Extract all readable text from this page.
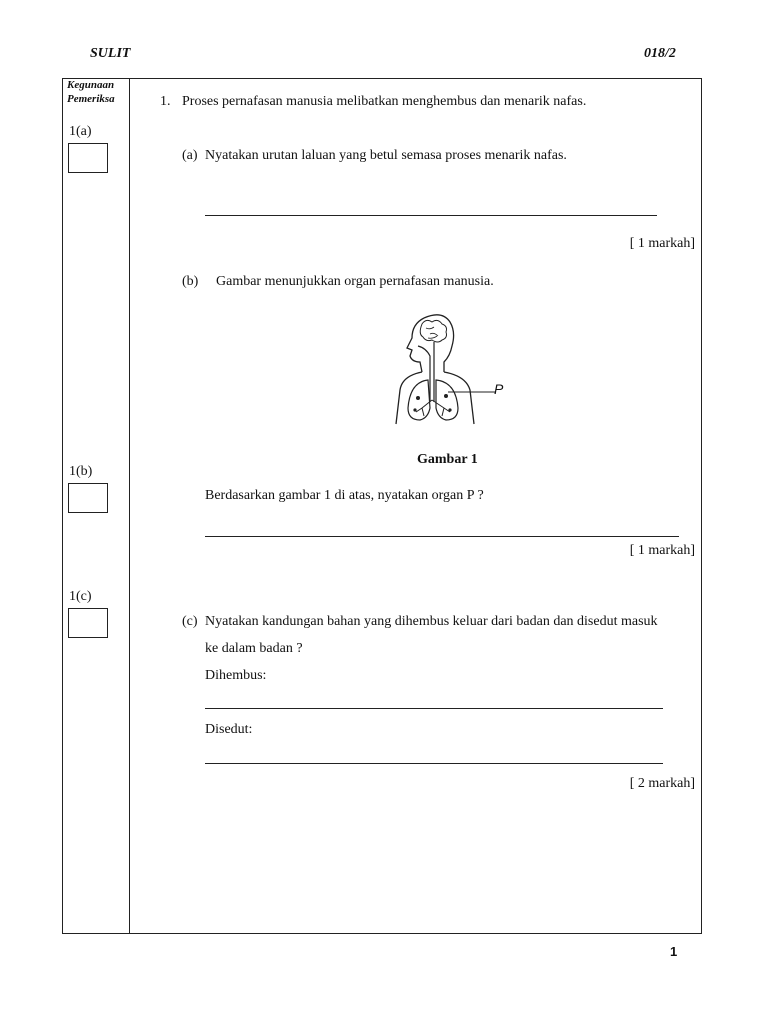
SULIT	018/2
Kegunaan
Pemeriksa
1(a)
1(b)
1(c)
1. Proses pernafasan manusia melibatkan menghembus dan menarik nafas.
(a) Nyatakan urutan laluan yang betul semasa proses menarik nafas.
[ 1 markah]
(b) Gambar menunjukkan organ pernafasan manusia.
P
Gambar 1
Berdasarkan gambar 1 di atas, nyatakan organ P ?
[ 1 markah]
(c) Nyatakan kandungan bahan yang dihembus keluar dari badan dan disedut masuk
ke dalam badan ?
Dihembus:
Disedut:
[ 2 markah]
1
